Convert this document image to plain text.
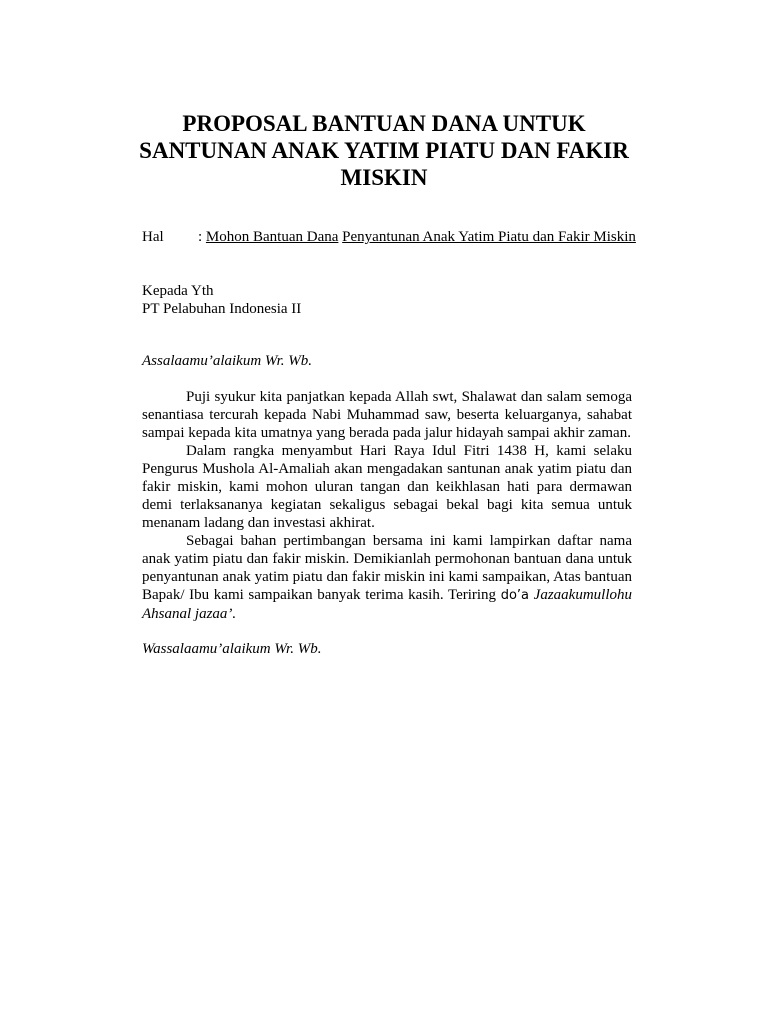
PROPOSAL BANTUAN DANA UNTUK
SANTUNAN ANAK YATIM PIATU DAN FAKIR
MISKIN
Hal : Mohon Bantuan Dana Penyantunan Anak Yatim Piatu dan Fakir Miskin
Kepada Yth
PT Pelabuhan Indonesia II
Assalaamu’alaikum Wr. Wb.

Puji syukur kita panjatkan kepada Allah swt, Shalawat dan salam semoga senantiasa tercurah kepada Nabi Muhammad saw, beserta keluarganya, sahabat sampai kepada kita umatnya yang berada pada jalur hidayah sampai akhir zaman.

Dalam rangka menyambut Hari Raya Idul Fitri 1438 H, kami selaku Pengurus Mushola Al-Amaliah akan mengadakan santunan anak yatim piatu dan fakir miskin, kami mohon uluran tangan dan keikhlasan hati para dermawan demi terlaksananya kegiatan sekaligus sebagai bekal bagi kita semua untuk menanam ladang dan investasi akhirat.

Sebagai bahan pertimbangan bersama ini kami lampirkan daftar nama anak yatim piatu dan fakir miskin. Demikianlah permohonan bantuan dana untuk penyantunan anak yatim piatu dan fakir miskin ini kami sampaikan, Atas bantuan Bapak/ Ibu kami sampaikan banyak terima kasih. Teriring do’a Jazaakumullohu Ahsanal jazaa’.

Wassalaamu’alaikum Wr. Wb.
